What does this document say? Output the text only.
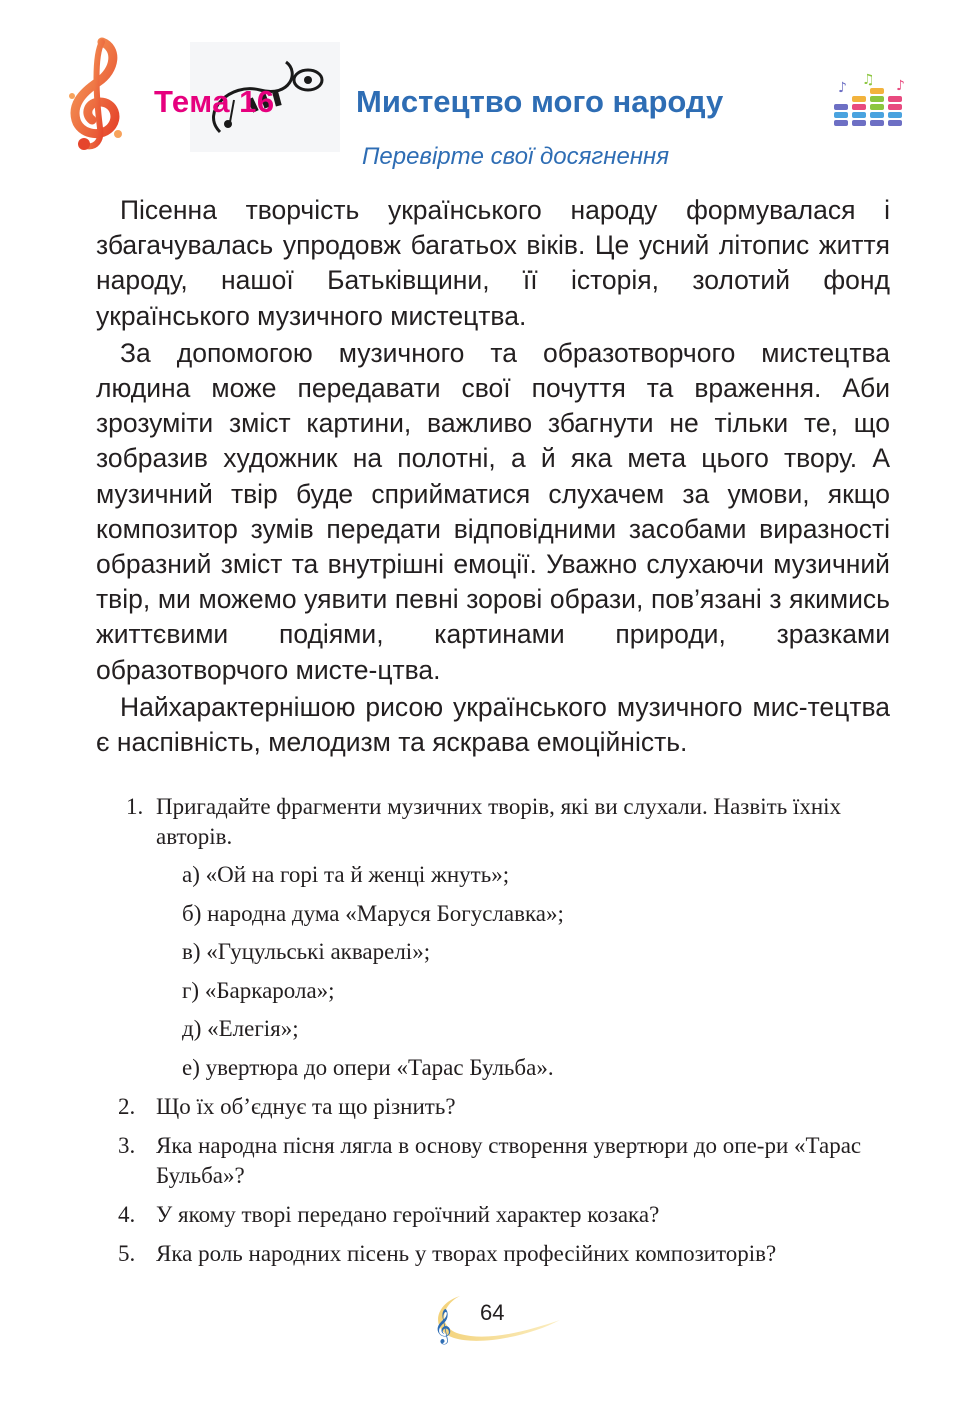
Тема 16	Мистецтво мого народу
Перевірте свої досягнення
♪ ♫ ♪

Пісенна творчість українського народу формувалася і збагачувалась упродовж багатьох віків. Це усний літопис життя народу, нашої Батьківщини, її історія, золотий фонд українського музичного мистецтва.

За допомогою музичного та образотворчого мистецтва людина може передавати свої почуття та враження. Аби зрозуміти зміст картини, важливо збагнути не тільки те, що зобразив художник на полотні, а й яка мета цього твору. А музичний твір буде сприйматися слухачем за умови, якщо композитор зумів передати відповідними засобами виразності образний зміст та внутрішні емоції. Уважно слухаючи музичний твір, ми можемо уявити певні зорові образи, пов’язані з якимись життєвими подіями, картинами природи, зразками образотворчого мисте-цтва.

Найхарактернішою рисою українського музичного мис-тецтва є наспівність, мелодизм та яскрава емоційність.

1. Пригадайте фрагменти музичних творів, які ви слухали. Назвіть їхніх авторів.
а) «Ой на горі та й женці жнуть»;
б) народна дума «Маруся Богуславка»;
в) «Гуцульські акварелі»;
г) «Баркарола»;
д) «Елегія»;
е) увертюра до опери «Тарас Бульба».
2. Що їх об’єднує та що різнить?
3. Яка народна пісня лягла в основу створення увертюри до опе-ри «Тарас Бульба»?
4. У якому творі передано героїчний характер козака?
5. Яка роль народних пісень у творах професійних композиторів?
𝄞 64
